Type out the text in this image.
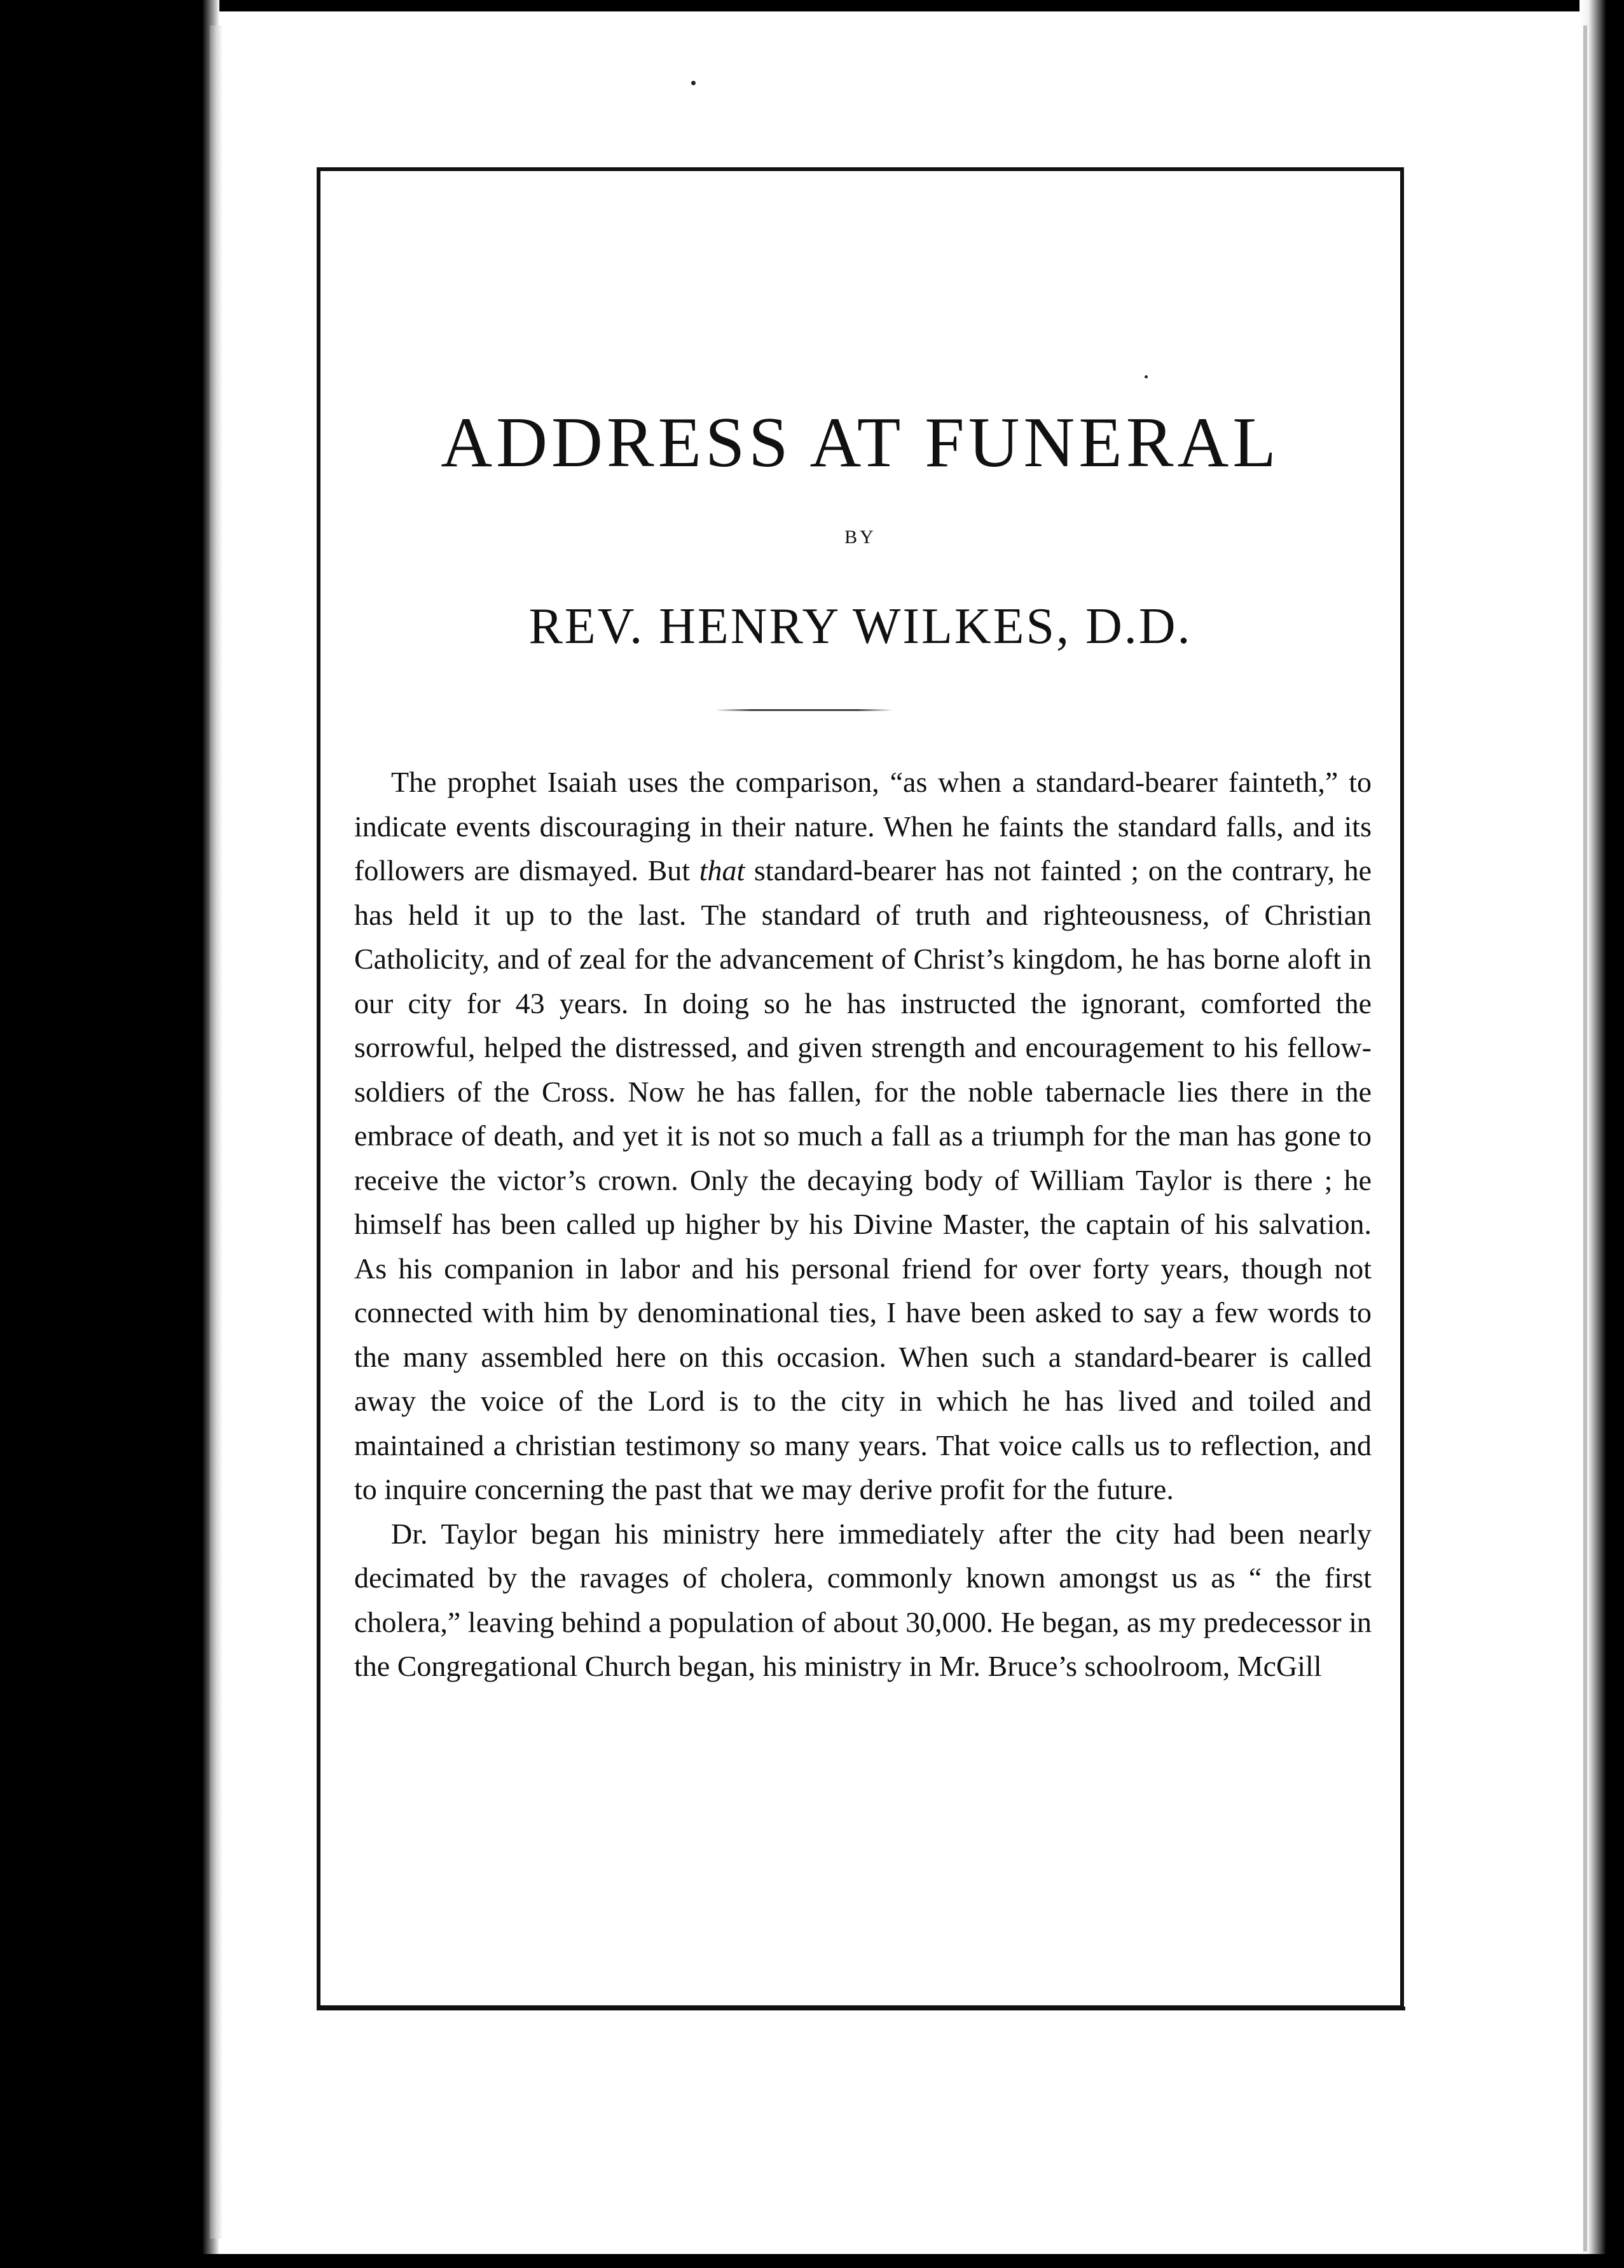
ADDRESS AT FUNERAL
BY
REV. HENRY WILKES, D.D.

The prophet Isaiah uses the comparison, “as when a standard-bearer fainteth,” to indicate events discouraging in their nature. When he faints the standard falls, and its followers are dismayed. But that standard-bearer has not fainted ; on the contrary, he has held it up to the last. The standard of truth and righteousness, of Christian Catholicity, and of zeal for the advancement of Christ’s kingdom, he has borne aloft in our city for 43 years. In doing so he has instructed the ignorant, comforted the sorrowful, helped the distressed, and given strength and encouragement to his fellow-soldiers of the Cross. Now he has fallen, for the noble tabernacle lies there in the embrace of death, and yet it is not so much a fall as a triumph for the man has gone to receive the victor’s crown. Only the decaying body of William Taylor is there ; he himself has been called up higher by his Divine Master, the captain of his salvation. As his companion in labor and his personal friend for over forty years, though not connected with him by denominational ties, I have been asked to say a few words to the many assembled here on this occasion. When such a standard-bearer is called away the voice of the Lord is to the city in which he has lived and toiled and maintained a christian testimony so many years. That voice calls us to reflection, and to inquire concerning the past that we may derive profit for the future.

Dr. Taylor began his ministry here immediately after the city had been nearly decimated by the ravages of cholera, commonly known amongst us as “ the first cholera,” leaving behind a population of about 30,000. He began, as my predecessor in the Congregational Church began, his ministry in Mr. Bruce’s schoolroom, McGill
